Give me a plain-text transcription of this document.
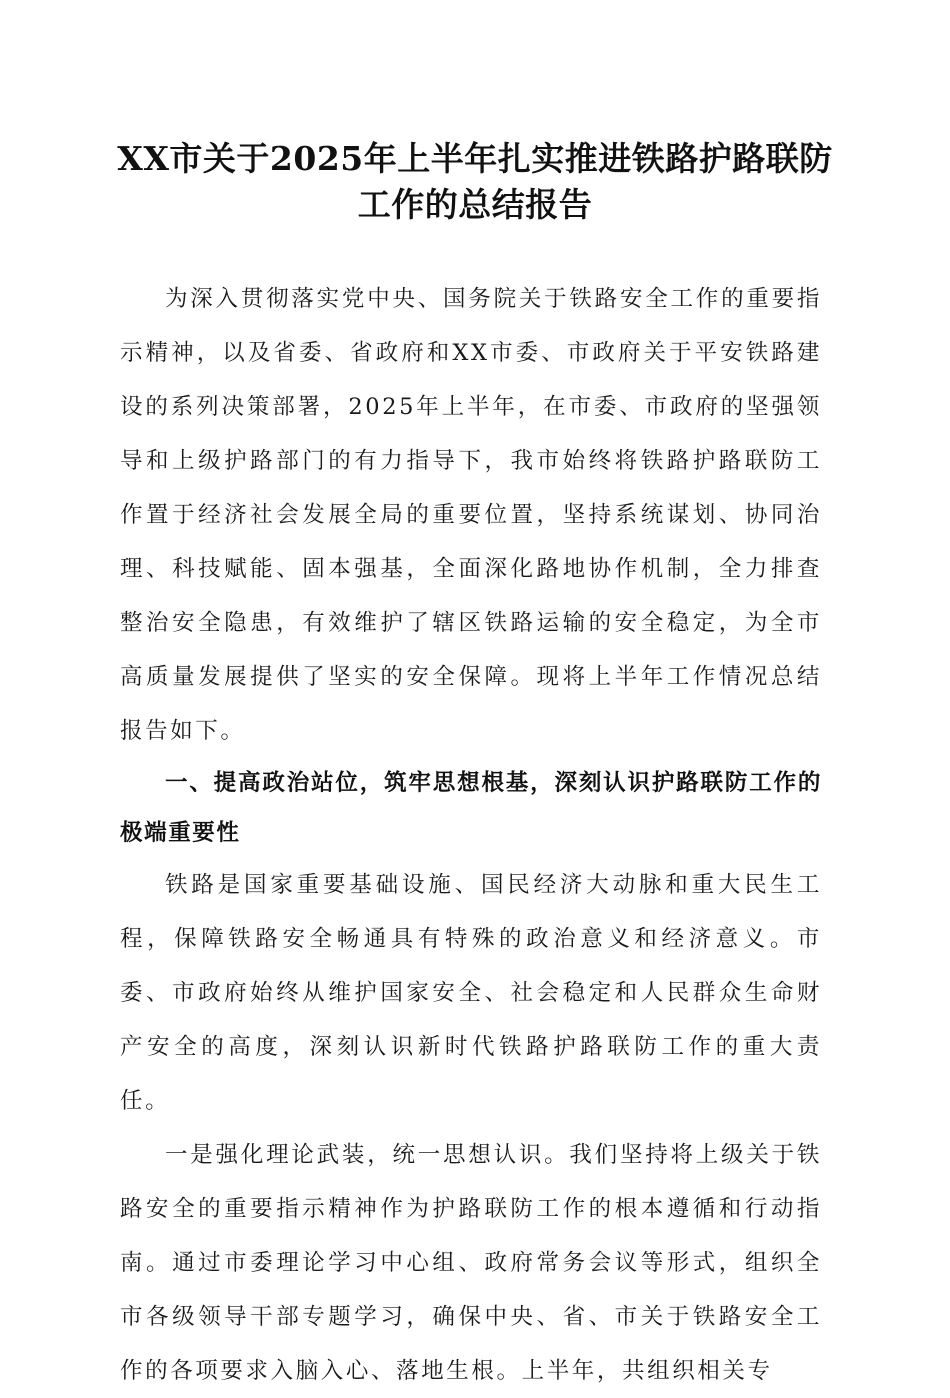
XX市关于2025年上半年扎实推进铁路护路联防工作的总结报告

为深入贯彻落实党中央、国务院关于铁路安全工作的重要指示精神，以及省委、省政府和XX市委、市政府关于平安铁路建设的系列决策部署，2025年上半年，在市委、市政府的坚强领导和上级护路部门的有力指导下，我市始终将铁路护路联防工作置于经济社会发展全局的重要位置，坚持系统谋划、协同治理、科技赋能、固本强基，全面深化路地协作机制，全力排查整治安全隐患，有效维护了辖区铁路运输的安全稳定，为全市高质量发展提供了坚实的安全保障。现将上半年工作情况总结报告如下。

一、提高政治站位，筑牢思想根基，深刻认识护路联防工作的极端重要性

铁路是国家重要基础设施、国民经济大动脉和重大民生工程，保障铁路安全畅通具有特殊的政治意义和经济意义。市委、市政府始终从维护国家安全、社会稳定和人民群众生命财产安全的高度，深刻认识新时代铁路护路联防工作的重大责任。

一是强化理论武装，统一思想认识。我们坚持将上级关于铁路安全的重要指示精神作为护路联防工作的根本遵循和行动指南。通过市委理论学习中心组、政府常务会议等形式，组织全市各级领导干部专题学习，确保中央、省、市关于铁路安全工作的各项要求入脑入心、落地生根。上半年，共组织相关专
